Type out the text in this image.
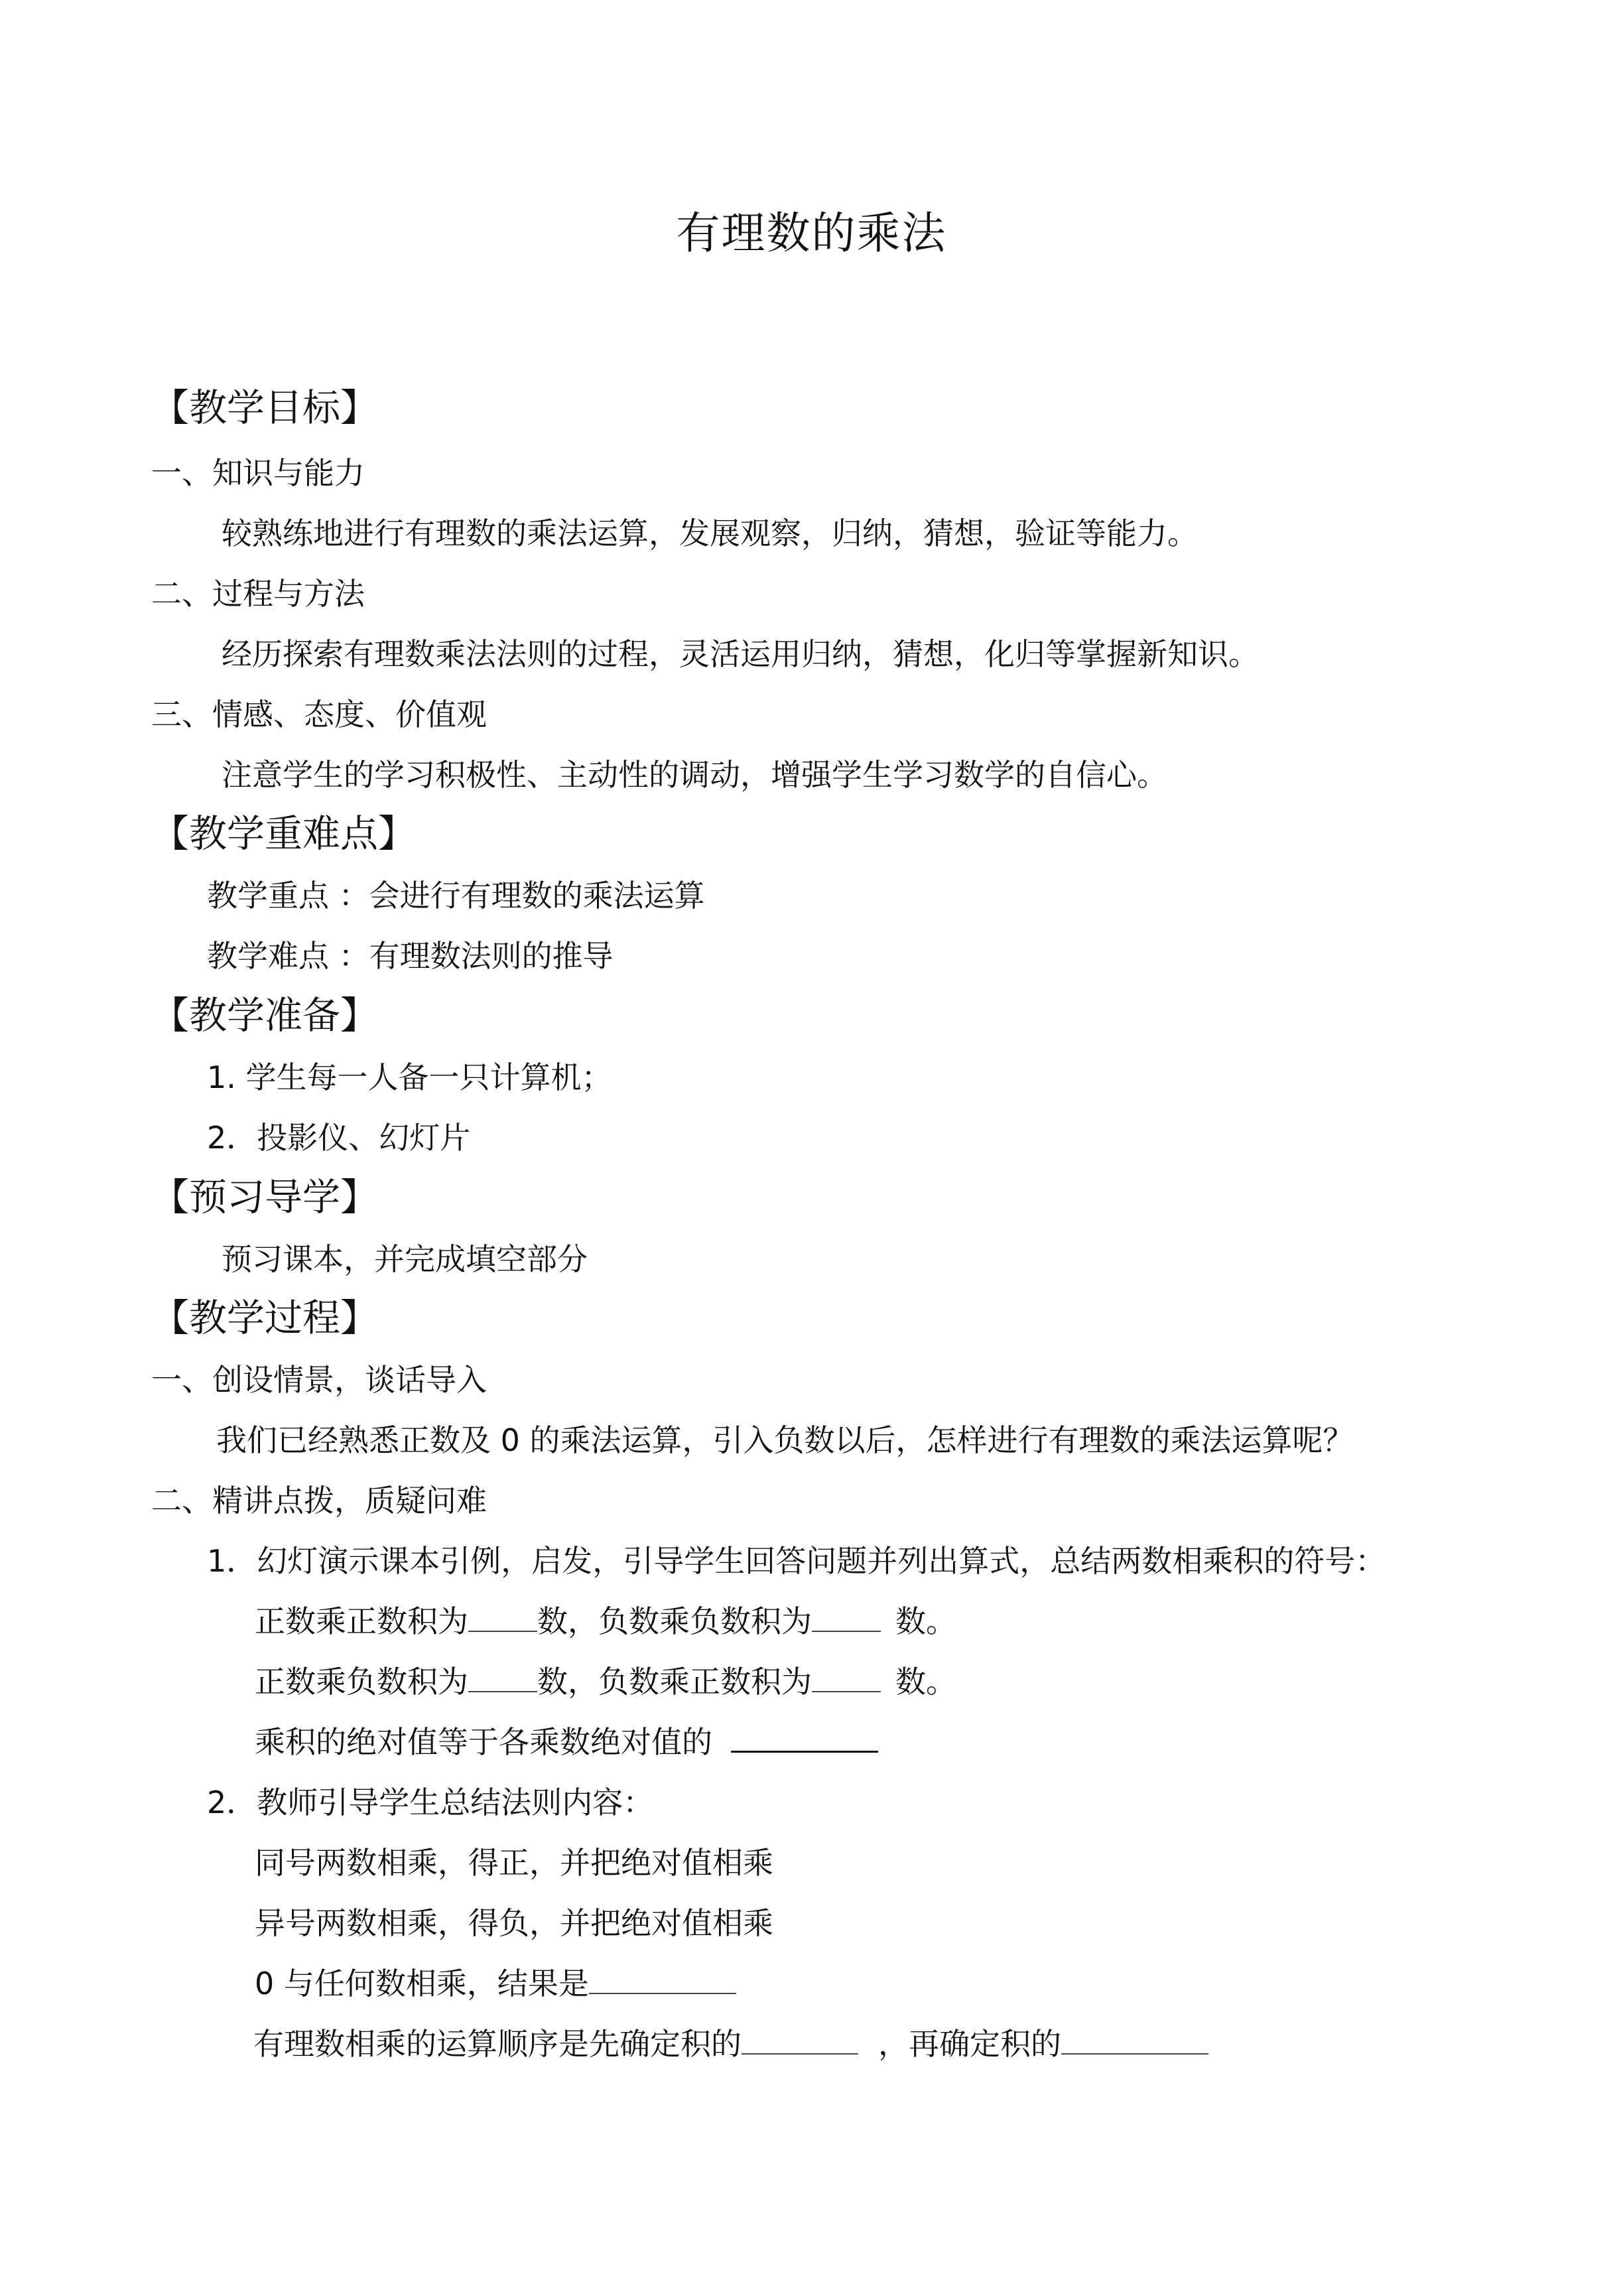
有理数的乘法
【教学目标】
一、知识与能力
较熟练地进行有理数的乘法运算，发展观察，归纳，猜想，验证等能力。
二、过程与方法
经历探索有理数乘法法则的过程，灵活运用归纳，猜想，化归等掌握新知识。
三、情感、态度、价值观
注意学生的学习积极性、主动性的调动，增强学生学习数学的自信心。
【教学重难点】
教学重点 ：会进行有理数的乘法运算
教学难点 ：有理数法则的推导
【教学准备】
1. 学生每一人备一只计算机；
2．投影仪、幻灯片
【预习导学】
预习课本，并完成填空部分
【教学过程】
一、创设情景，谈话导入
我们已经熟悉正数及 0 的乘法运算，引入负数以后，怎样进行有理数的乘法运算呢？
二、精讲点拨，质疑问难
1．幻灯演示课本引例，启发，引导学生回答问题并列出算式，总结两数相乘积的符号：
正数乘正数积为 数，负数乘负数积为	数。
正数乘负数积为 数，负数乘正数积为	数。
乘积的绝对值等于各乘数绝对值的
2．教师引导学生总结法则内容：
同号两数相乘，得正，并把绝对值相乘
异号两数相乘，得负，并把绝对值相乘
0 与任何数相乘，结果是
有理数相乘的运算顺序是先确定积的	，再确定积的
